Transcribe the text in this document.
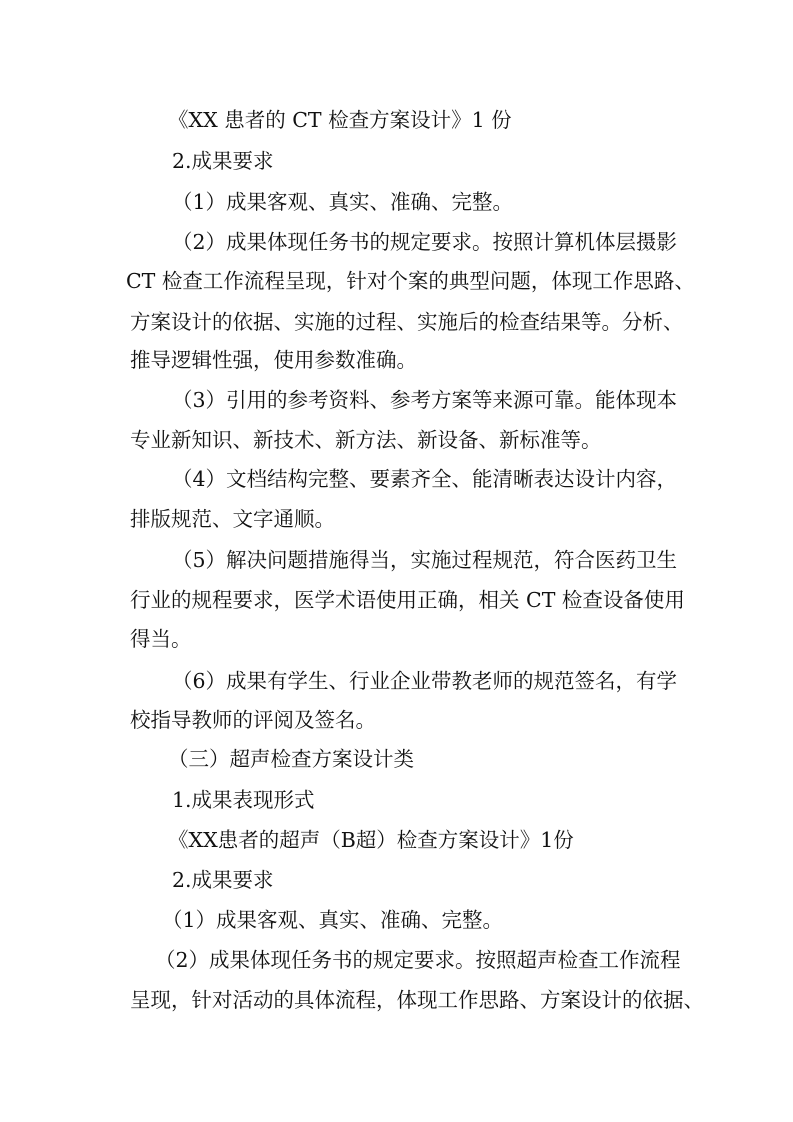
《XX 患者的 CT 检查方案设计》1 份
2.成果要求
（1）成果客观、真实、准确、完整。
（2）成果体现任务书的规定要求。按照计算机体层摄影
CT 检查工作流程呈现，针对个案的典型问题，体现工作思路、
方案设计的依据、实施的过程、实施后的检查结果等。分析、
推导逻辑性强，使用参数准确。
（3）引用的参考资料、参考方案等来源可靠。能体现本
专业新知识、新技术、新方法、新设备、新标准等。
（4）文档结构完整、要素齐全、能清晰表达设计内容，
排版规范、文字通顺。
（5）解决问题措施得当，实施过程规范，符合医药卫生
行业的规程要求，医学术语使用正确，相关 CT 检查设备使用
得当。
（6）成果有学生、行业企业带教老师的规范签名，有学
校指导教师的评阅及签名。
（三）超声检查方案设计类
1.成果表现形式
《XX患者的超声（B超）检查方案设计》1份
2.成果要求
（1）成果客观、真实、准确、完整。
（2）成果体现任务书的规定要求。按照超声检查工作流程
呈现，针对活动的具体流程，体现工作思路、方案设计的依据、
